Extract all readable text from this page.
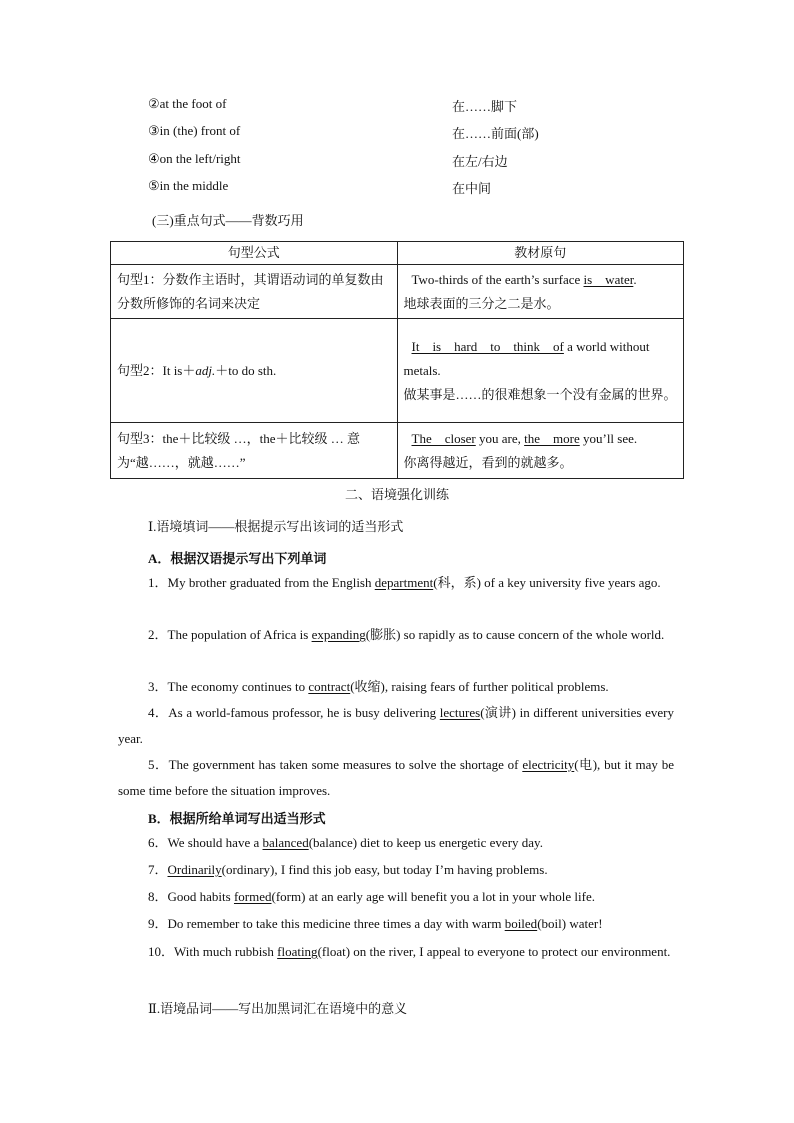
②at the foot of	在……脚下
③in (the) front of	在……前面(部)
④on the left/right	在左/右边
⑤in the middle	在中间
(三)重点句式——背数巧用
句型公式	教材原句
句型1：分数作主语时，其谓语动词的单复数由分数所修饰的名词来决定	Two-thirds of the earth’s surface is    water.
地球表面的三分之二是水。
句型2：It is＋adj.＋to do sth.	It    is    hard    to    think    of a world without metals.
做某事是……的很难想象一个没有金属的世界。
句型3：the＋比较级 …，the＋比较级 … 意为“越……，就越……”	The    closer you are, the    more you’ll see.
你离得越近，看到的就越多。
二、语境强化训练
Ⅰ.语境填词——根据提示写出该词的适当形式
A．根据汉语提示写出下列单词
1．My brother graduated from the English department(科，系) of a key university five years ago.
2．The population of Africa is expanding(膨胀) so rapidly as to cause concern of the whole world.
3．The economy continues to contract(收缩), raising fears of further political problems.
4．As a world-famous professor, he is busy delivering lectures(演讲) in different universities every year.
5．The government has taken some measures to solve the shortage of electricity(电), but it may be some time before the situation improves.
B．根据所给单词写出适当形式
6．We should have a balanced(balance) diet to keep us energetic every day.
7．Ordinarily(ordinary), I find this job easy, but today I’m having problems.
8．Good habits formed(form) at an early age will benefit you a lot in your whole life.
9．Do remember to take this medicine three times a day with warm boiled(boil) water!
10．With much rubbish floating(float) on the river, I appeal to everyone to protect our environment.
Ⅱ.语境品词——写出加黑词汇在语境中的意义
